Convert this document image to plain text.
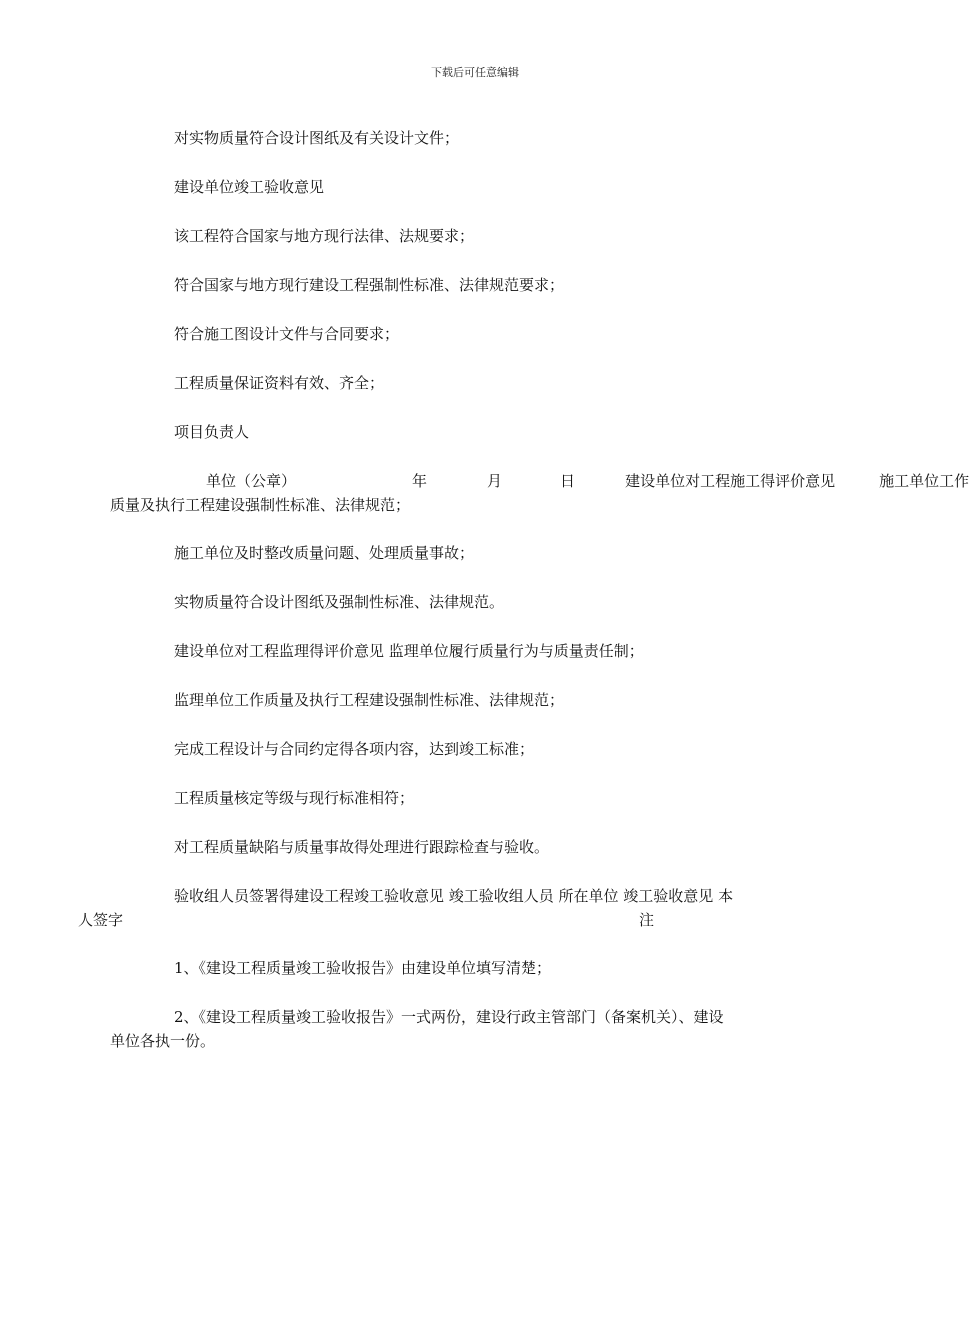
下载后可任意编辑

对实物质量符合设计图纸及有关设计文件；

建设单位竣工验收意见

该工程符合国家与地方现行法律、法规要求；

符合国家与地方现行建设工程强制性标准、法律规范要求；

符合施工图设计文件与合同要求；

工程质量保证资料有效、齐全；

项目负责人

单位（公章）	年	月	日	建设单位对工程施工得评价意见	施工单位工作
质量及执行工程建设强制性标准、法律规范；

施工单位及时整改质量问题、处理质量事故；

实物质量符合设计图纸及强制性标准、法律规范。

建设单位对工程监理得评价意见 监理单位履行质量行为与质量责任制；

监理单位工作质量及执行工程建设强制性标准、法律规范；

完成工程设计与合同约定得各项内容，达到竣工标准；

工程质量核定等级与现行标准相符；

对工程质量缺陷与质量事故得处理进行跟踪检查与验收。

验收组人员签署得建设工程竣工验收意见 竣工验收组人员 所在单位 竣工验收意见 本
人签字	注

1、《建设工程质量竣工验收报告》由建设单位填写清楚；

2、《建设工程质量竣工验收报告》一式两份，建设行政主管部门（备案机关）、建设
单位各执一份。
